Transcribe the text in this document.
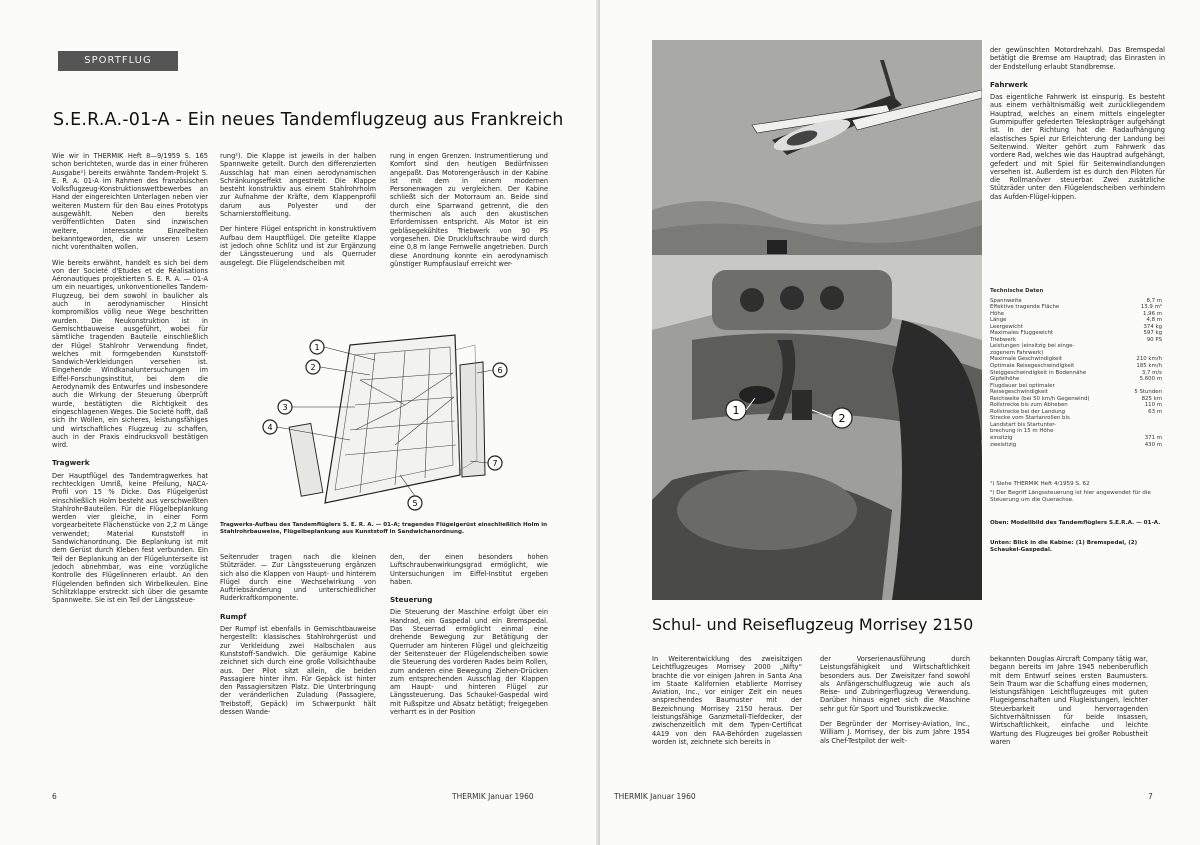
SPORTFLUG
S.E.R.A.-01-A - Ein neues Tandemflugzeug aus Frankreich

Wie wir in THERMIK Heft 8—9/1959 S. 165 schon berichteten, wurde das in einer früheren Ausgabe¹) bereits erwähnte Tandem-Projekt S. E. R. A. 01-A im Rahmen des französischen Volksflugzeug-Konstruktionswettbewerbes an Hand der eingereichten Unterlagen neben vier weiteren Mustern für den Bau eines Prototyps ausgewählt. Neben den bereits veröffentlichten Daten sind inzwischen weitere, interessante Einzelheiten bekanntgeworden, die wir unseren Lesern nicht vorenthalten wollen.

Wie bereits erwähnt, handelt es sich bei dem von der Societé d'Etudes et de Réalisations Aéronautiques projektierten S. E. R. A. — 01-A um ein neuartiges, unkonventionelles Tandem-Flugzeug, bei dem sowohl in baulicher als auch in aerodynamischer Hinsicht kompromißlos völlig neue Wege beschritten wurden. Die Neukonstruktion ist in Gemischtbauweise ausgeführt, wobei für sämtliche tragenden Bauteile einschließlich der Flügel Stahlrohr Verwendung findet, welches mit formgebenden Kunststoff-Sandwich-Verkleidungen versehen ist. Eingehende Windkanaluntersuchungen im Eiffel-Forschungsinstitut, bei dem die Aerodynamik des Entwurfes und insbesondere auch die Wirkung der Steuerung überprüft wurde, bestätigten die Richtigkeit des eingeschlagenen Weges. Die Societé hofft, daß sich ihr Wollen, ein sicheres, leistungsfähiges und wirtschaftliches Flugzeug zu schaffen, auch in der Praxis eindrucksvoll bestätigen wird.

Tragwerk

Der Hauptflügel des Tandemtragwerkes hat rechteckigen Umriß, keine Pfeilung, NACA-Profil von 15 % Dicke. Das Flügelgerüst einschließlich Holm besteht aus verschweißten Stahlrohr-Bauteilen. Für die Flügelbeplankung werden vier gleiche, in einer Form vorgearbeitete Flächenstücke von 2,2 m Länge verwendet; Material Kunststoff in Sandwichanordnung. Die Beplankung ist mit dem Gerüst durch Kleben fest verbunden. Ein Teil der Beplankung an der Flügelunterseite ist jedoch abnehmbar, was eine vorzügliche Kontrolle des Flügelinneren erlaubt. An den Flügelenden befinden sich Wirbelkeulen. Eine Schlitzklappe erstreckt sich über die gesamte Spannweite. Sie ist ein Teil der Längssteue-

rung²). Die Klappe ist jeweils in der halben Spannweite geteilt. Durch den differenzierten Ausschlag hat man einen aerodynamischen Schränkungseffekt angestrebt. Die Klappe besteht konstruktiv aus einem Stahlrohrholm zur Aufnahme der Kräfte, dem Klappenprofil darum aus Polyester und der Scharnierstoffleitung.

Der hintere Flügel entspricht in konstruktivem Aufbau dem Hauptflügel. Die geteilte Klappe ist jedoch ohne Schlitz und ist zur Ergänzung der Längssteuerung und als Querruder ausgelegt. Die Flügelendscheiben mit

rung in engen Grenzen. Instrumentierung und Komfort sind den heutigen Bedürfnissen angepaßt. Das Motorengeräusch in der Kabine ist mit dem in einem modernen Personenwagen zu vergleichen. Der Kabine schließt sich der Motorraum an. Beide sind durch eine Sparrwand getrennt, die den thermischen als auch den akustischen Erfordernissen entspricht. Als Motor ist ein gebläsegekühltes Triebwerk von 90 PS vorgesehen. Die Druckluftschraube wird durch eine 0,8 m lange Fernwelle angetrieben. Durch diese Anordnung konnte ein aerodynamisch günstiger Rumpfauslauf erreicht wer-

1
2
3
4
5
6
7
Tragwerks-Aufbau des Tandemflüglers S. E. R. A. — 01-A; tragendes Flügelgerüst einschließlich Holm in Stahlrohrbauweise, Flügelbeplankung aus Kunststoff in Sandwichanordnung.

Seitenruder tragen nach die kleinen Stützräder. — Zur Längssteuerung ergänzen sich also die Klappen von Haupt- und hinterem Flügel durch eine Wechselwirkung von Auftriebsänderung und unterschiedlicher Ruderkraftkomponente.

Rumpf

Der Rumpf ist ebenfalls in Gemischtbauweise hergestellt: klassisches Stahlrohrgerüst und zur Verkleidung zwei Halbschalen aus Kunststoff-Sandwich. Die geräumige Kabine zeichnet sich durch eine große Vollsichthaube aus. Der Pilot sitzt allein, die beiden Passagiere hinter ihm. Für Gepäck ist hinter den Passagiersitzen Platz. Die Unterbringung der veränderlichen Zuladung (Passagiere, Treibstoff, Gepäck) im Schwerpunkt hält dessen Wande-

den, der einen besonders hohen Luftschraubenwirkungsgrad ermöglicht, wie Untersuchungen im Eiffel-Institut ergeben haben.

Steuerung

Die Steuerung der Maschine erfolgt über ein Handrad, ein Gaspedal und ein Bremspedal. Das Steuerrad ermöglicht einmal eine drehende Bewegung zur Betätigung der Querruder am hinteren Flügel und gleichzeitig der Seitensteuer der Flügelendscheiben sowie die Steuerung des vorderen Rades beim Rollen, zum anderen eine Bewegung Ziehen-Drücken zum entsprechenden Ausschlag der Klappen am Haupt- und hinteren Flügel zur Längssteuerung. Das Schaukel-Gaspedal wird mit Fußspitze und Absatz betätigt; freigegeben verharrt es in der Position

6	THERMIK Januar 1960
1
2

der gewünschten Motordrehzahl. Das Bremspedal betätigt die Bremse am Hauptrad; das Einrasten in der Endstellung erlaubt Standbremse.

Fahrwerk

Das eigentliche Fahrwerk ist einspurig. Es besteht aus einem verhältnismäßig weit zurückliegendem Hauptrad, welches an einem mittels eingelegter Gummipuffer gefederten Teleskopträger aufgehängt ist. In der Richtung hat die Radaufhängung elastisches Spiel zur Erleichterung der Landung bei Seitenwind. Weiter gehört zum Fahrwerk das vordere Rad, welches wie das Hauptrad aufgehängt, gefedert und mit Spiel für Seitenwindlandungen versehen ist. Außerdem ist es durch den Piloten für die Rollmanöver steuerbar. Zwei zusätzliche Stützräder unter den Flügelendscheiben verhindern das Aufden-Flügel-kippen.

Technische Daten
Spannweite	8,7 m
Effektive tragende Fläche	13,9 m²
Höhe	1,96 m
Länge	4,8 m
Leergewicht	374 kg
Maximales Fluggewicht	597 kg
Triebwerk	90 PS
Leistungen (einsitzig bei einge-
zogenem Fahrwerk)
Maximale Geschwindigkeit	210 km/h
Optimale Reisegeschwindigkeit	185 km/h
Steiggeschwindigkeit in Bodennähe	3,7 m/s
Gipfelhöhe	5.600 m
Flugdauer bei optimaler
Reisegeschwindigkeit	5 Stunden
Reichweite (bei 50 km/h Gegenwind)	825 km
Rollstrecke bis zum Abheben	110 m
Rollstrecke bei der Landung	63 m
Strecke vom Startanrollen bis
Landstart bis Startunter-
brechung in 15 m Höhe
einsitzig	371 m
zweisitzig	430 m
¹) Siehe THERMIK Heft 4/1959 S. 62
²) Der Begriff Längssteuerung ist hier angewendet für die Steuerung um die Querachse.
Oben: Modellbild des Tandemflüglers S.E.R.A. — 01-A.
Unten: Blick in die Kabine: (1) Bremspedal, (2) Schaukel-Gaspedal.
Schul- und Reiseflugzeug Morrisey 2150

In Weiterentwicklung des zweisitzigen Leichtflugzeuges Morrisey 2000 „Nifty“ brachte die vor einigen Jahren in Santa Ana im Staate Kalifornien etablierte Morrisey Aviation, Inc., vor einiger Zeit ein neues ansprechendes Baumuster mit der Bezeichnung Morrisey 2150 heraus. Der leistungsfähige Ganzmetall-Tiefdecker, der zwischenzeitlich mit dem Typen-Certificat 4A19 von den FAA-Behörden zugelassen worden ist, zeichnete sich bereits in

der Vorserienausführung durch Leistungsfähigkeit und Wirtschaftlichkeit besonders aus. Der Zweisitzer fand sowohl als Anfängerschulflugzeug wie auch als Reise- und Zubringerflugzeug Verwendung. Darüber hinaus eignet sich die Maschine sehr gut für Sport und Touristikzwecke.

Der Begründer der Morrisey-Aviation, Inc., William J. Morrisey, der bis zum Jahre 1954 als Chef-Testpilot der welt-

bekannten Douglas Aircraft Company tätig war, begann bereits im Jahre 1945 nebenberuflich mit dem Entwurf seines ersten Baumusters. Sein Traum war die Schaffung eines modernen, leistungsfähigen Leichtflugzeuges mit guten Flugeigenschaften und Flugleistungen, leichter Steuerbarkeit und hervorragenden Sichtverhältnissen für beide Insassen, Wirtschaftlichkeit, einfache und leichte Wartung des Flugzeuges bei großer Robustheit waren

THERMIK Januar 1960	7
